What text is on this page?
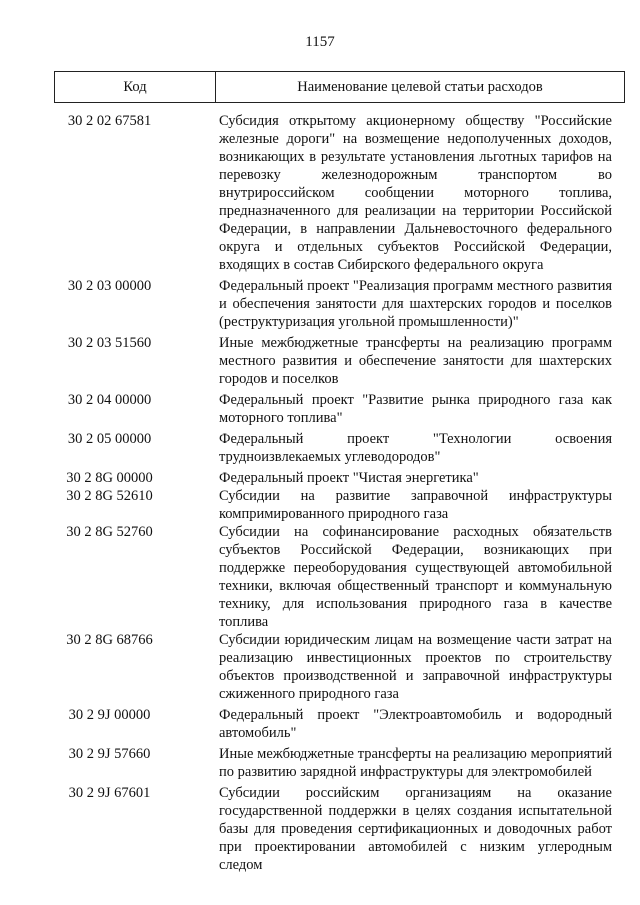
1157
Код	Наименование целевой статьи расходов
30 2 02 67581	Субсидия открытому акционерному обществу "Российские железные дороги" на возмещение недополученных доходов, возникающих в результате установления льготных тарифов на перевозку железнодорожным транспортом во внутрироссийском сообщении моторного топлива, предназначенного для реализации на территории Российской Федерации, в направлении Дальневосточного федерального округа и отдельных субъектов Российской Федерации, входящих в состав Сибирского федерального округа
30 2 03 00000	Федеральный проект "Реализация программ местного развития и обеспечения занятости для шахтерских городов и поселков (реструктуризация угольной промышленности)"
30 2 03 51560	Иные межбюджетные трансферты на реализацию программ местного развития и обеспечение занятости для шахтерских городов и поселков
30 2 04 00000	Федеральный проект "Развитие рынка природного газа как моторного топлива"
30 2 05 00000	Федеральный проект "Технологии освоения трудноизвлекаемых углеводородов"
30 2 8G 00000	Федеральный проект "Чистая энергетика"
30 2 8G 52610	Субсидии на развитие заправочной инфраструктуры компримированного природного газа
30 2 8G 52760	Субсидии на софинансирование расходных обязательств субъектов Российской Федерации, возникающих при поддержке переоборудования существующей автомобильной техники, включая общественный транспорт и коммунальную технику, для использования природного газа в качестве топлива
30 2 8G 68766	Субсидии юридическим лицам на возмещение части затрат на реализацию инвестиционных проектов по строительству объектов производственной и заправочной инфраструктуры сжиженного природного газа
30 2 9J 00000	Федеральный проект "Электроавтомобиль и водородный автомобиль"
30 2 9J 57660	Иные межбюджетные трансферты на реализацию мероприятий по развитию зарядной инфраструктуры для электромобилей
30 2 9J 67601	Субсидии российским организациям на оказание государственной поддержки в целях создания испытательной базы для проведения сертификационных и доводочных работ при проектировании автомобилей с низким углеродным следом
